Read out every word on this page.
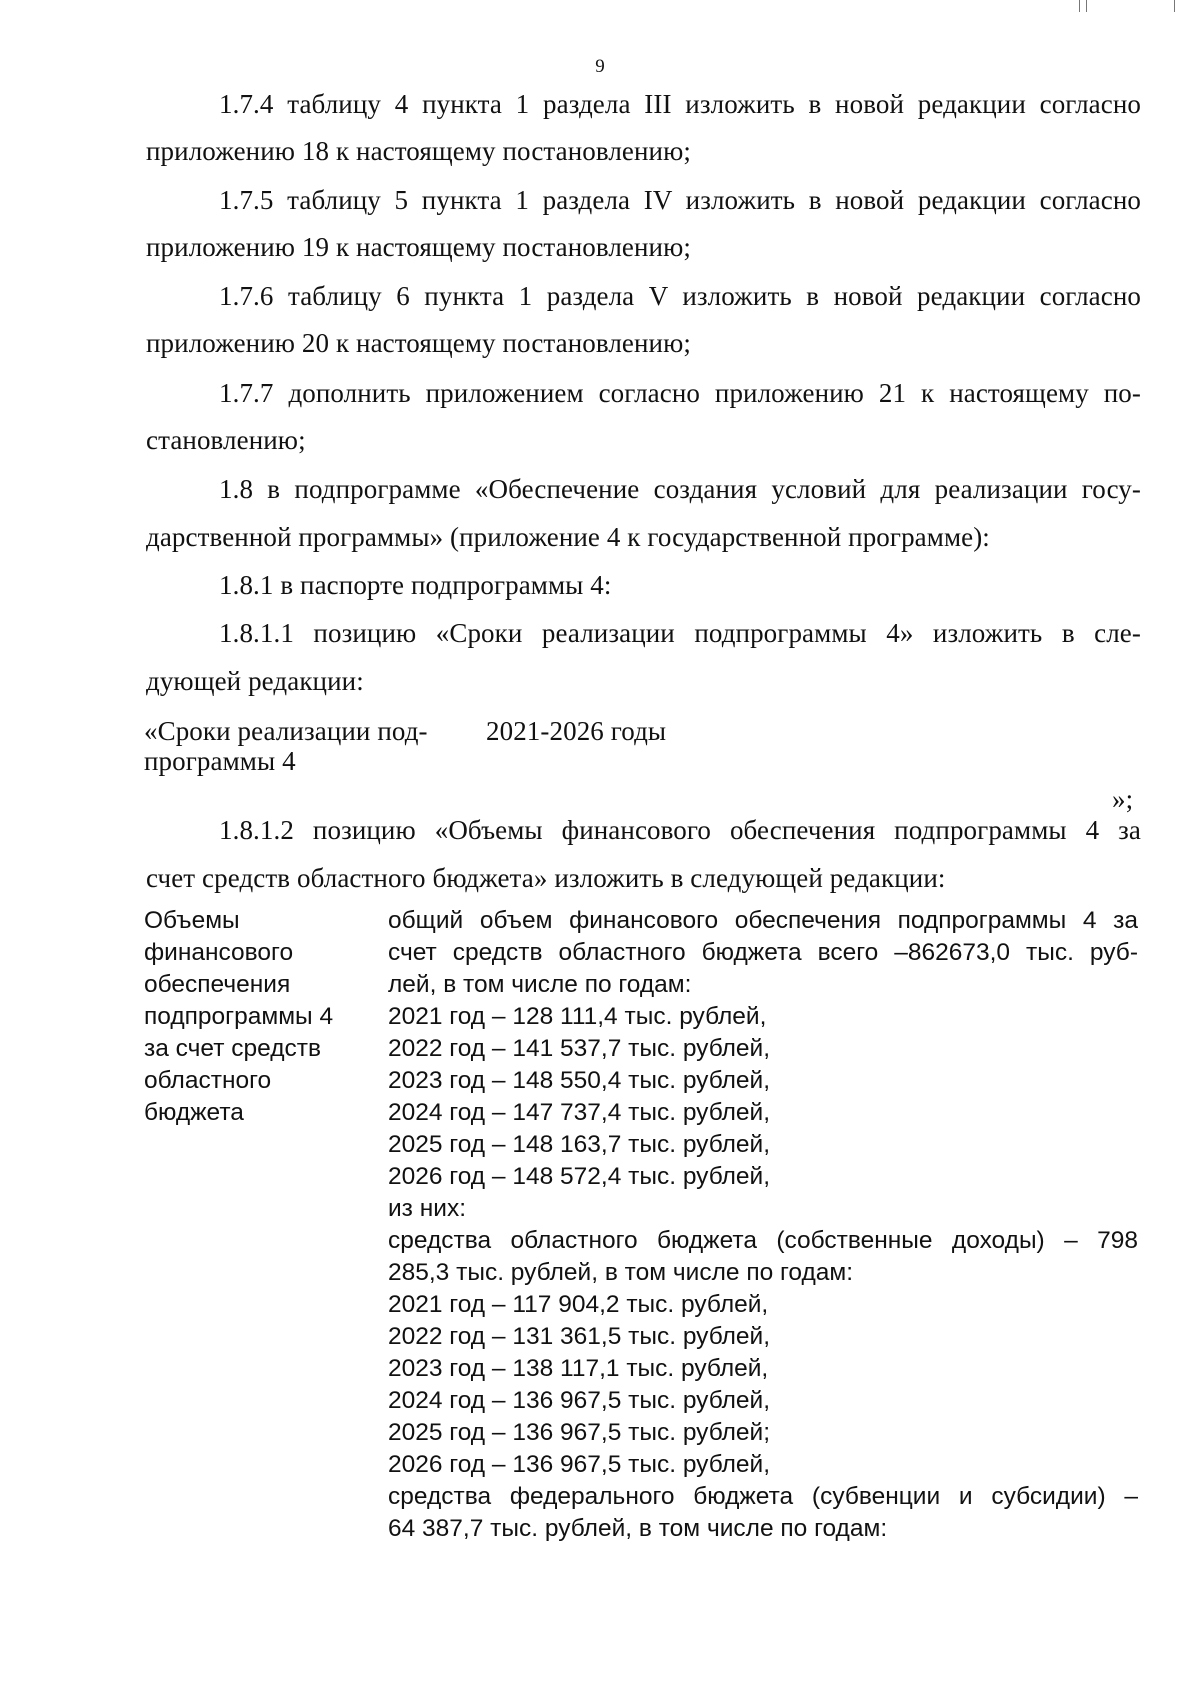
9
1.7.4 таблицу 4 пункта 1 раздела III изложить в новой редакции согласно
приложению 18 к настоящему постановлению;
1.7.5 таблицу 5 пункта 1 раздела IV изложить в новой редакции согласно
приложению 19 к настоящему постановлению;
1.7.6 таблицу 6 пункта 1 раздела V изложить в новой редакции согласно
приложению 20 к настоящему постановлению;
1.7.7 дополнить приложением согласно приложению 21 к настоящему по-
становлению;
1.8 в подпрограмме «Обеспечение создания условий для реализации госу-
дарственной программы» (приложение 4 к государственной программе):
1.8.1 в паспорте подпрограммы 4:
1.8.1.1 позицию «Сроки реализации подпрограммы 4» изложить в сле-
дующей редакции:
«Сроки реализации под-
программы 4
2021-2026 годы
»;
1.8.1.2 позицию «Объемы финансового обеспечения подпрограммы 4 за
счет средств областного бюджета» изложить в следующей редакции:
Объемы
финансового
обеспечения
подпрограммы 4
за счет средств
областного
бюджета
общий объем финансового обеспечения подпрограммы 4 за
счет средств областного бюджета всего –862673,0 тыс. руб-
лей, в том числе по годам:
2021 год – 128 111,4 тыс. рублей,
2022 год – 141 537,7 тыс. рублей,
2023 год – 148 550,4 тыс. рублей,
2024 год – 147 737,4 тыс. рублей,
2025 год – 148 163,7 тыс. рублей,
2026 год – 148 572,4 тыс. рублей,
из них:
средства областного бюджета (собственные доходы) – 798
285,3 тыс. рублей, в том числе по годам:
2021 год – 117 904,2 тыс. рублей,
2022 год – 131 361,5 тыс. рублей,
2023 год – 138 117,1 тыс. рублей,
2024 год – 136 967,5 тыс. рублей,
2025 год – 136 967,5 тыс. рублей;
2026 год – 136 967,5 тыс. рублей,
средства федерального бюджета (субвенции и субсидии) –
64 387,7 тыс. рублей, в том числе по годам:
